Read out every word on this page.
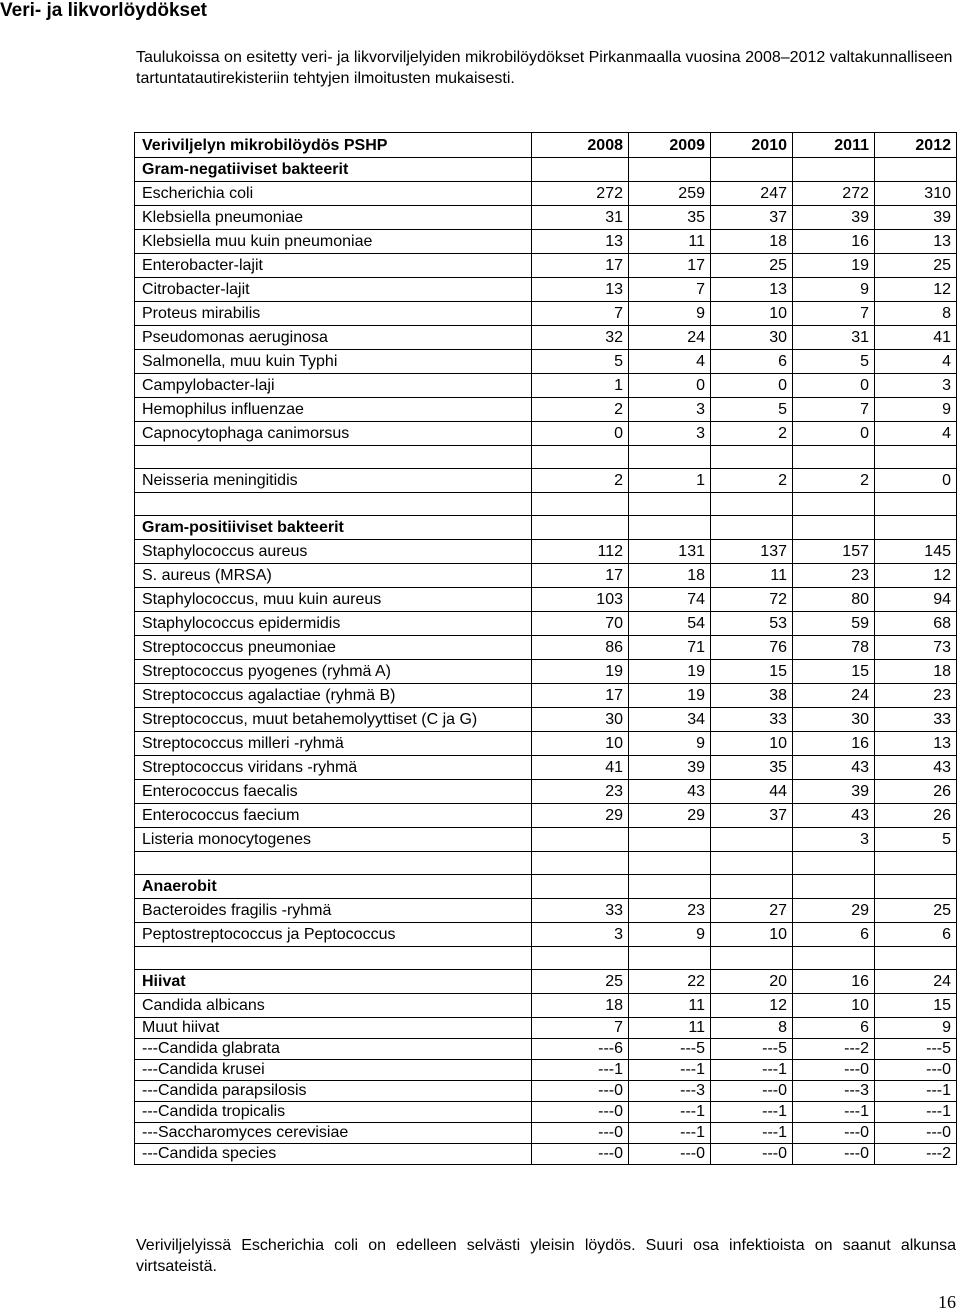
Veri- ja likvorlöydökset
Taulukoissa on esitetty veri- ja likvorviljelyiden mikrobilöydökset Pirkanmaalla vuosina 2008–2012 valtakunnalliseen tartuntatautirekisteriin tehtyjen ilmoitusten mukaisesti.
Veriviljelyn mikrobilöydös PSHP	2008	2009	2010	2011	2012
Gram-negatiiviset bakteerit					
Escherichia coli	272	259	247	272	310
Klebsiella pneumoniae	31	35	37	39	39
Klebsiella muu kuin pneumoniae	13	11	18	16	13
Enterobacter-lajit	17	17	25	19	25
Citrobacter-lajit	13	7	13	9	12
Proteus mirabilis	7	9	10	7	8
Pseudomonas aeruginosa	32	24	30	31	41
Salmonella, muu kuin Typhi	5	4	6	5	4
Campylobacter-laji	1	0	0	0	3
Hemophilus influenzae	2	3	5	7	9
Capnocytophaga canimorsus	0	3	2	0	4

Neisseria meningitidis	2	1	2	2	0

Gram-positiiviset bakteerit					
Staphylococcus aureus	112	131	137	157	145
S. aureus (MRSA)	17	18	11	23	12
Staphylococcus, muu kuin aureus	103	74	72	80	94
Staphylococcus epidermidis	70	54	53	59	68
Streptococcus pneumoniae	86	71	76	78	73
Streptococcus pyogenes (ryhmä A)	19	19	15	15	18
Streptococcus agalactiae (ryhmä B)	17	19	38	24	23
Streptococcus, muut betahemolyyttiset (C ja G)	30	34	33	30	33
Streptococcus milleri -ryhmä	10	9	10	16	13
Streptococcus viridans -ryhmä	41	39	35	43	43
Enterococcus faecalis	23	43	44	39	26
Enterococcus faecium	29	29	37	43	26
Listeria monocytogenes				3	5

Anaerobit					
Bacteroides fragilis -ryhmä	33	23	27	29	25
Peptostreptococcus ja Peptococcus	3	9	10	6	6

Hiivat	25	22	20	16	24
Candida albicans	18	11	12	10	15
Muut hiivat	7	11	8	6	9
---Candida glabrata	---6	---5	---5	---2	---5
---Candida krusei	---1	---1	---1	---0	---0
---Candida parapsilosis	---0	---3	---0	---3	---1
---Candida tropicalis	---0	---1	---1	---1	---1
---Saccharomyces cerevisiae	---0	---1	---1	---0	---0
---Candida species	---0	---0	---0	---0	---2
Veriviljelyissä Escherichia coli on edelleen selvästi yleisin löydös. Suuri osa infektioista on saanut alkunsa virtsateistä.
16
